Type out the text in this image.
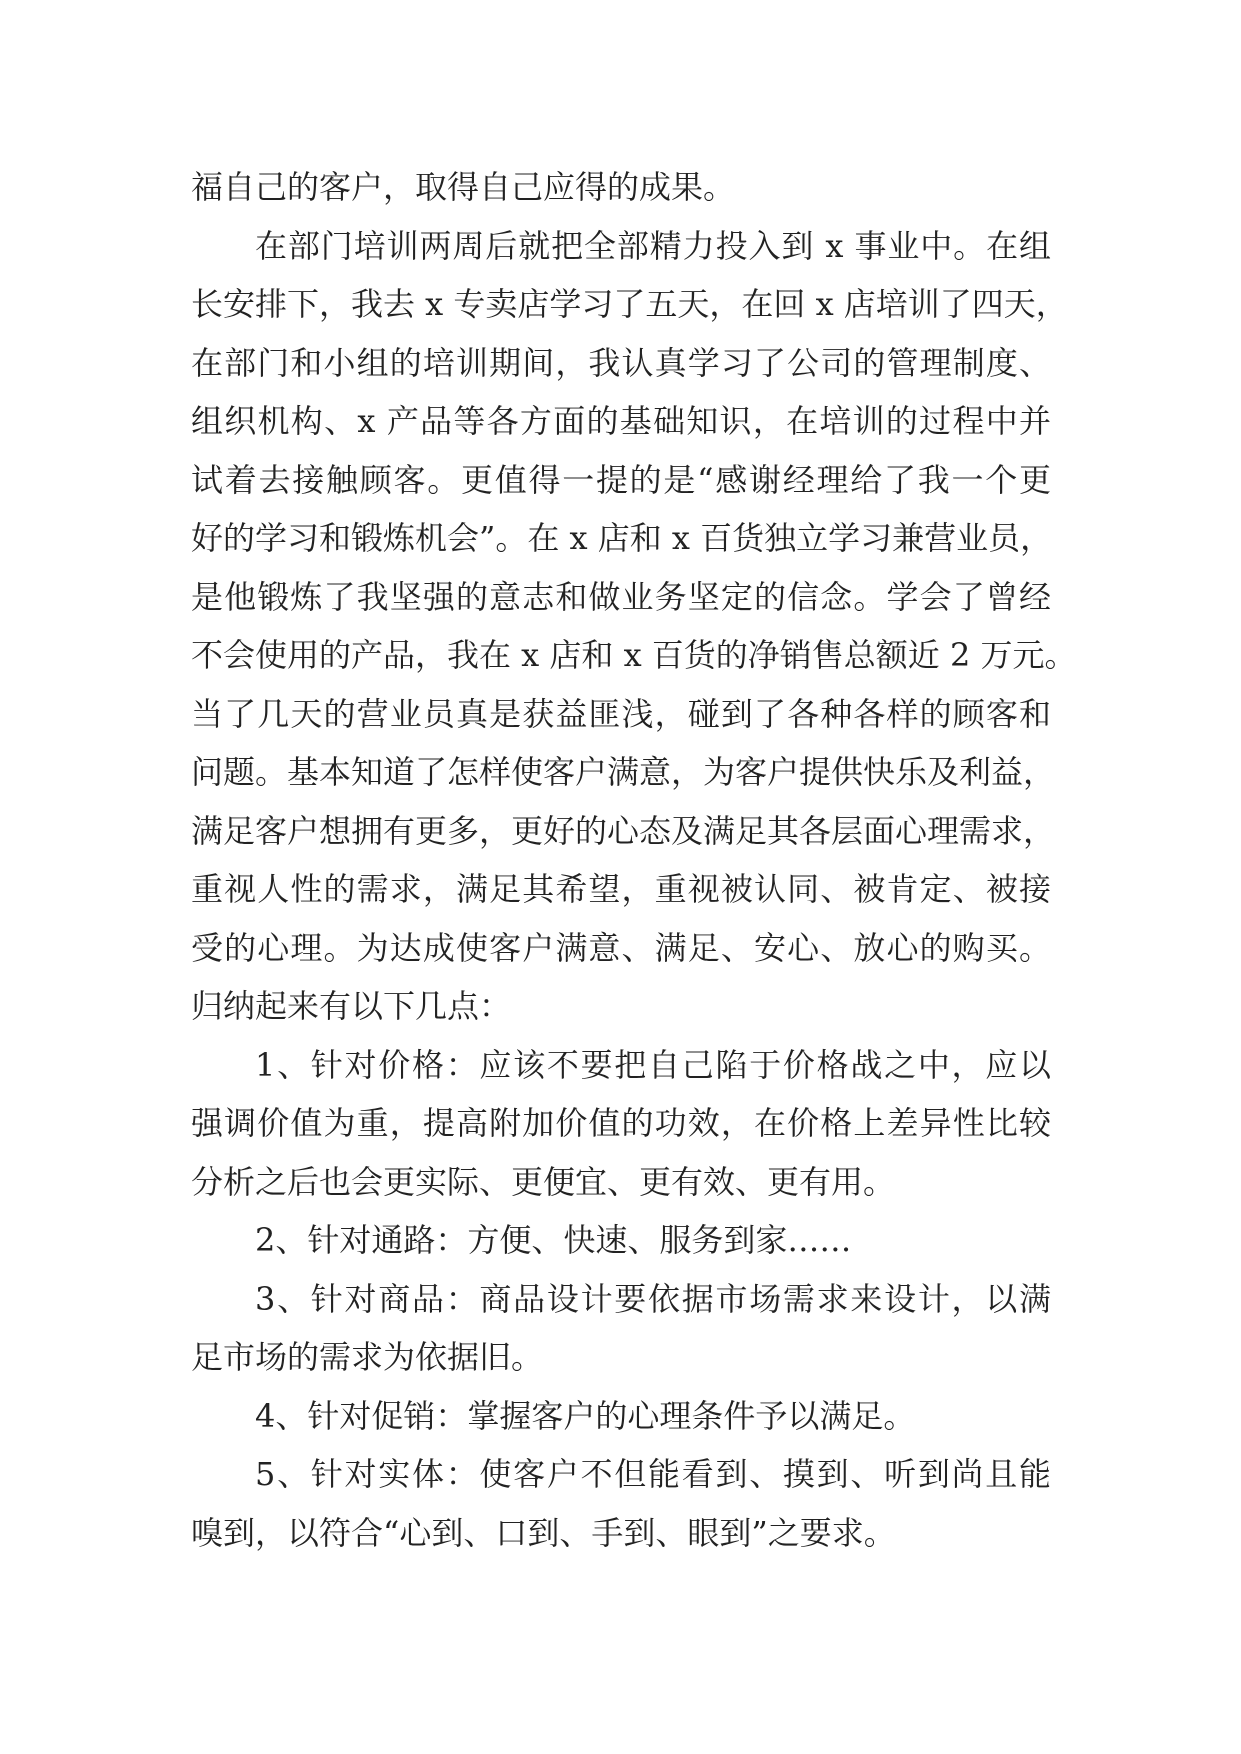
福自己的客户，取得自己应得的成果。

在部门培训两周后就把全部精力投入到 x 事业中。在组
长安排下，我去 x 专卖店学习了五天，在回 x 店培训了四天，
在部门和小组的培训期间，我认真学习了公司的管理制度、
组织机构、x 产品等各方面的基础知识，在培训的过程中并
试着去接触顾客。更值得一提的是“感谢经理给了我一个更
好的学习和锻炼机会”。在 x 店和 x 百货独立学习兼营业员，
是他锻炼了我坚强的意志和做业务坚定的信念。学会了曾经
不会使用的产品，我在 x 店和 x 百货的净销售总额近 2 万元。
当了几天的营业员真是获益匪浅，碰到了各种各样的顾客和
问题。基本知道了怎样使客户满意，为客户提供快乐及利益，
满足客户想拥有更多，更好的心态及满足其各层面心理需求，
重视人性的需求，满足其希望，重视被认同、被肯定、被接
受的心理。为达成使客户满意、满足、安心、放心的购买。
归纳起来有以下几点：

1、针对价格：应该不要把自己陷于价格战之中，应以
强调价值为重，提高附加价值的功效，在价格上差异性比较
分析之后也会更实际、更便宜、更有效、更有用。

2、针对通路：方便、快速、服务到家……

3、针对商品：商品设计要依据市场需求来设计，以满
足市场的需求为依据旧。

4、针对促销：掌握客户的心理条件予以满足。

5、针对实体：使客户不但能看到、摸到、听到尚且能
嗅到，以符合“心到、口到、手到、眼到”之要求。
